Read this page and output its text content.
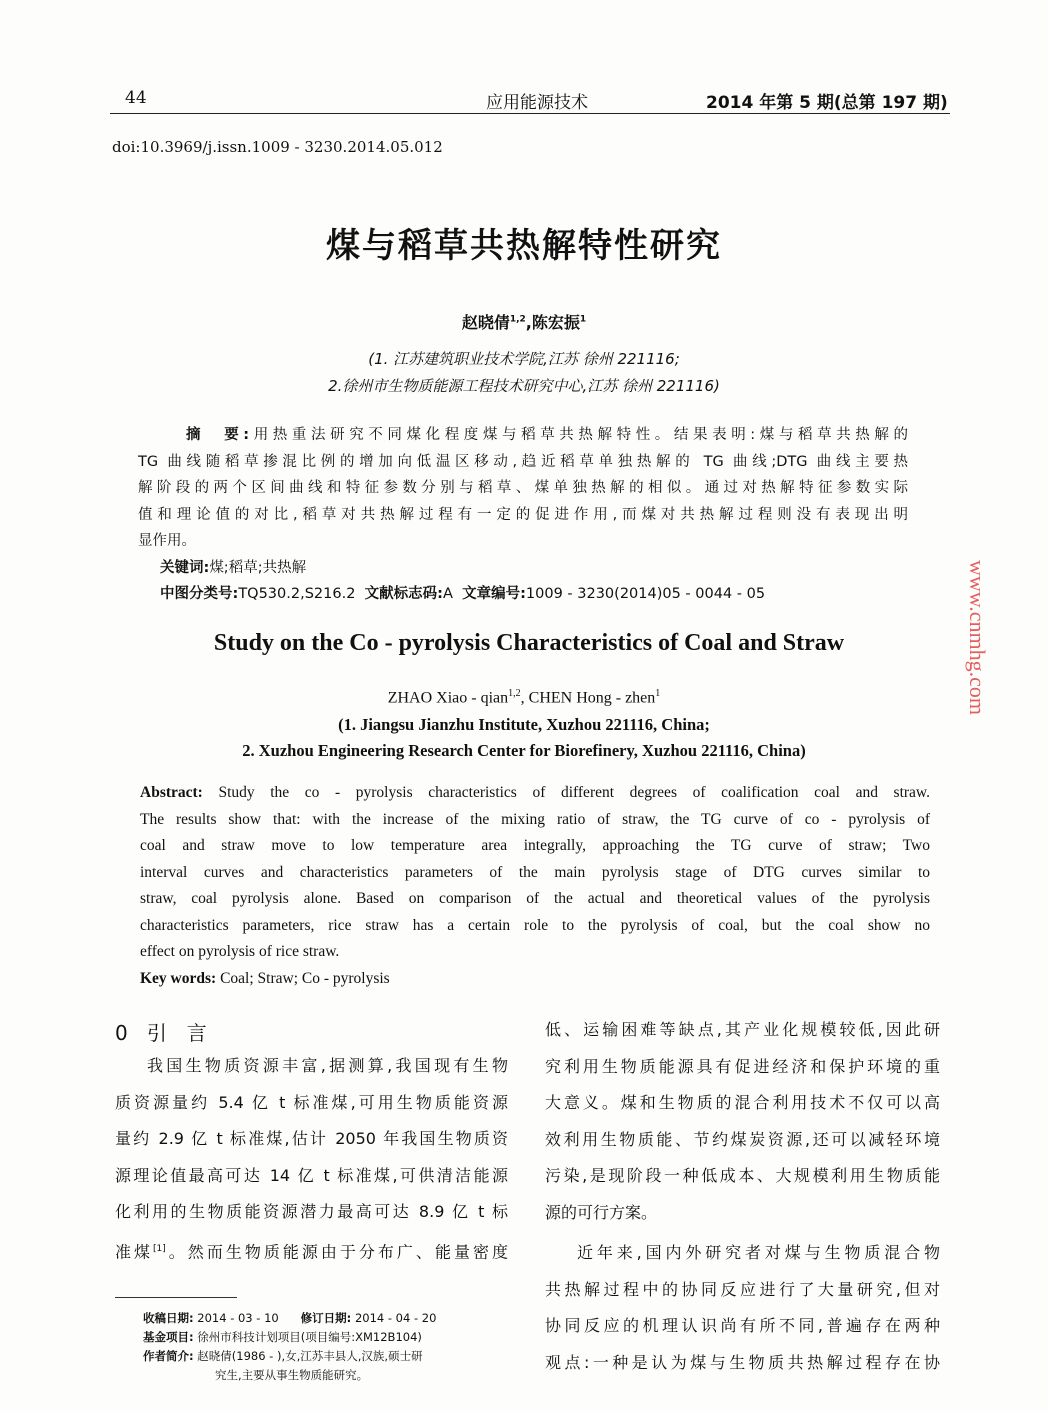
44	应用能源技术	2014 年第 5 期(总第 197 期)
doi:10.3969/j.issn.1009 - 3230.2014.05.012
煤与稻草共热解特性研究
赵晓倩$^{1,2}$,陈宏振$^1$
(1. 江苏建筑职业技术学院,江苏 徐州 221116;
2.徐州市生物质能源工程技术研究中心,江苏 徐州 221116)
摘　要:用热重法研究不同煤化程度煤与稻草共热解特性。结果表明:煤与稻草共热解的
TG 曲线随稻草掺混比例的增加向低温区移动,趋近稻草单独热解的 TG 曲线;DTG 曲线主要热
解阶段的两个区间曲线和特征参数分别与稻草、煤单独热解的相似。通过对热解特征参数实际
值和理论值的对比,稻草对共热解过程有一定的促进作用,而煤对共热解过程则没有表现出明
显作用。
关键词:煤;稻草;共热解
中图分类号:TQ530.2,S216.2 文献标志码:A 文章编号:1009 - 3230(2014)05 - 0044 - 05
Study on the Co - pyrolysis Characteristics of Coal and Straw
ZHAO Xiao - qian$^{1,2}$, CHEN Hong - zhen$^1$
(1. Jiangsu Jianzhu Institute, Xuzhou 221116, China;
2. Xuzhou Engineering Research Center for Biorefinery, Xuzhou 221116, China)
Abstract: Study the co - pyrolysis characteristics of different degrees of coalification coal and straw.
The results show that: with the increase of the mixing ratio of straw, the TG curve of co - pyrolysis of
coal and straw move to low temperature area integrally, approaching the TG curve of straw; Two
interval curves and characteristics parameters of the main pyrolysis stage of DTG curves similar to
straw, coal pyrolysis alone. Based on comparison of the actual and theoretical values of the pyrolysis
characteristics parameters, rice straw has a certain role to the pyrolysis of coal, but the coal show no
effect on pyrolysis of rice straw.
Key words: Coal; Straw; Co - pyrolysis
0 引　言
我国生物质资源丰富,据测算,我国现有生物
质资源量约 5.4 亿 t 标准煤,可用生物质能资源
量约 2.9 亿 t 标准煤,估计 2050 年我国生物质资
源理论值最高可达 14 亿 t 标准煤,可供清洁能源
化利用的生物质能资源潜力最高可达 8.9 亿 t 标
准煤[1]。然而生物质能源由于分布广、能量密度
收稿日期: 2014 - 03 - 10 修订日期: 2014 - 04 - 20
基金项目: 徐州市科技计划项目(项目编号:XM12B104)
作者简介: 赵晓倩(1986 - ),女,江苏丰县人,汉族,硕士研
究生,主要从事生物质能研究。
低、运输困难等缺点,其产业化规模较低,因此研
究利用生物质能源具有促进经济和保护环境的重
大意义。煤和生物质的混合利用技术不仅可以高
效利用生物质能、节约煤炭资源,还可以减轻环境
污染,是现阶段一种低成本、大规模利用生物质能
源的可行方案。
近年来,国内外研究者对煤与生物质混合物
共热解过程中的协同反应进行了大量研究,但对
协同反应的机理认识尚有所不同,普遍存在两种
观点:一种是认为煤与生物质共热解过程存在协
www.cnmhg.com
